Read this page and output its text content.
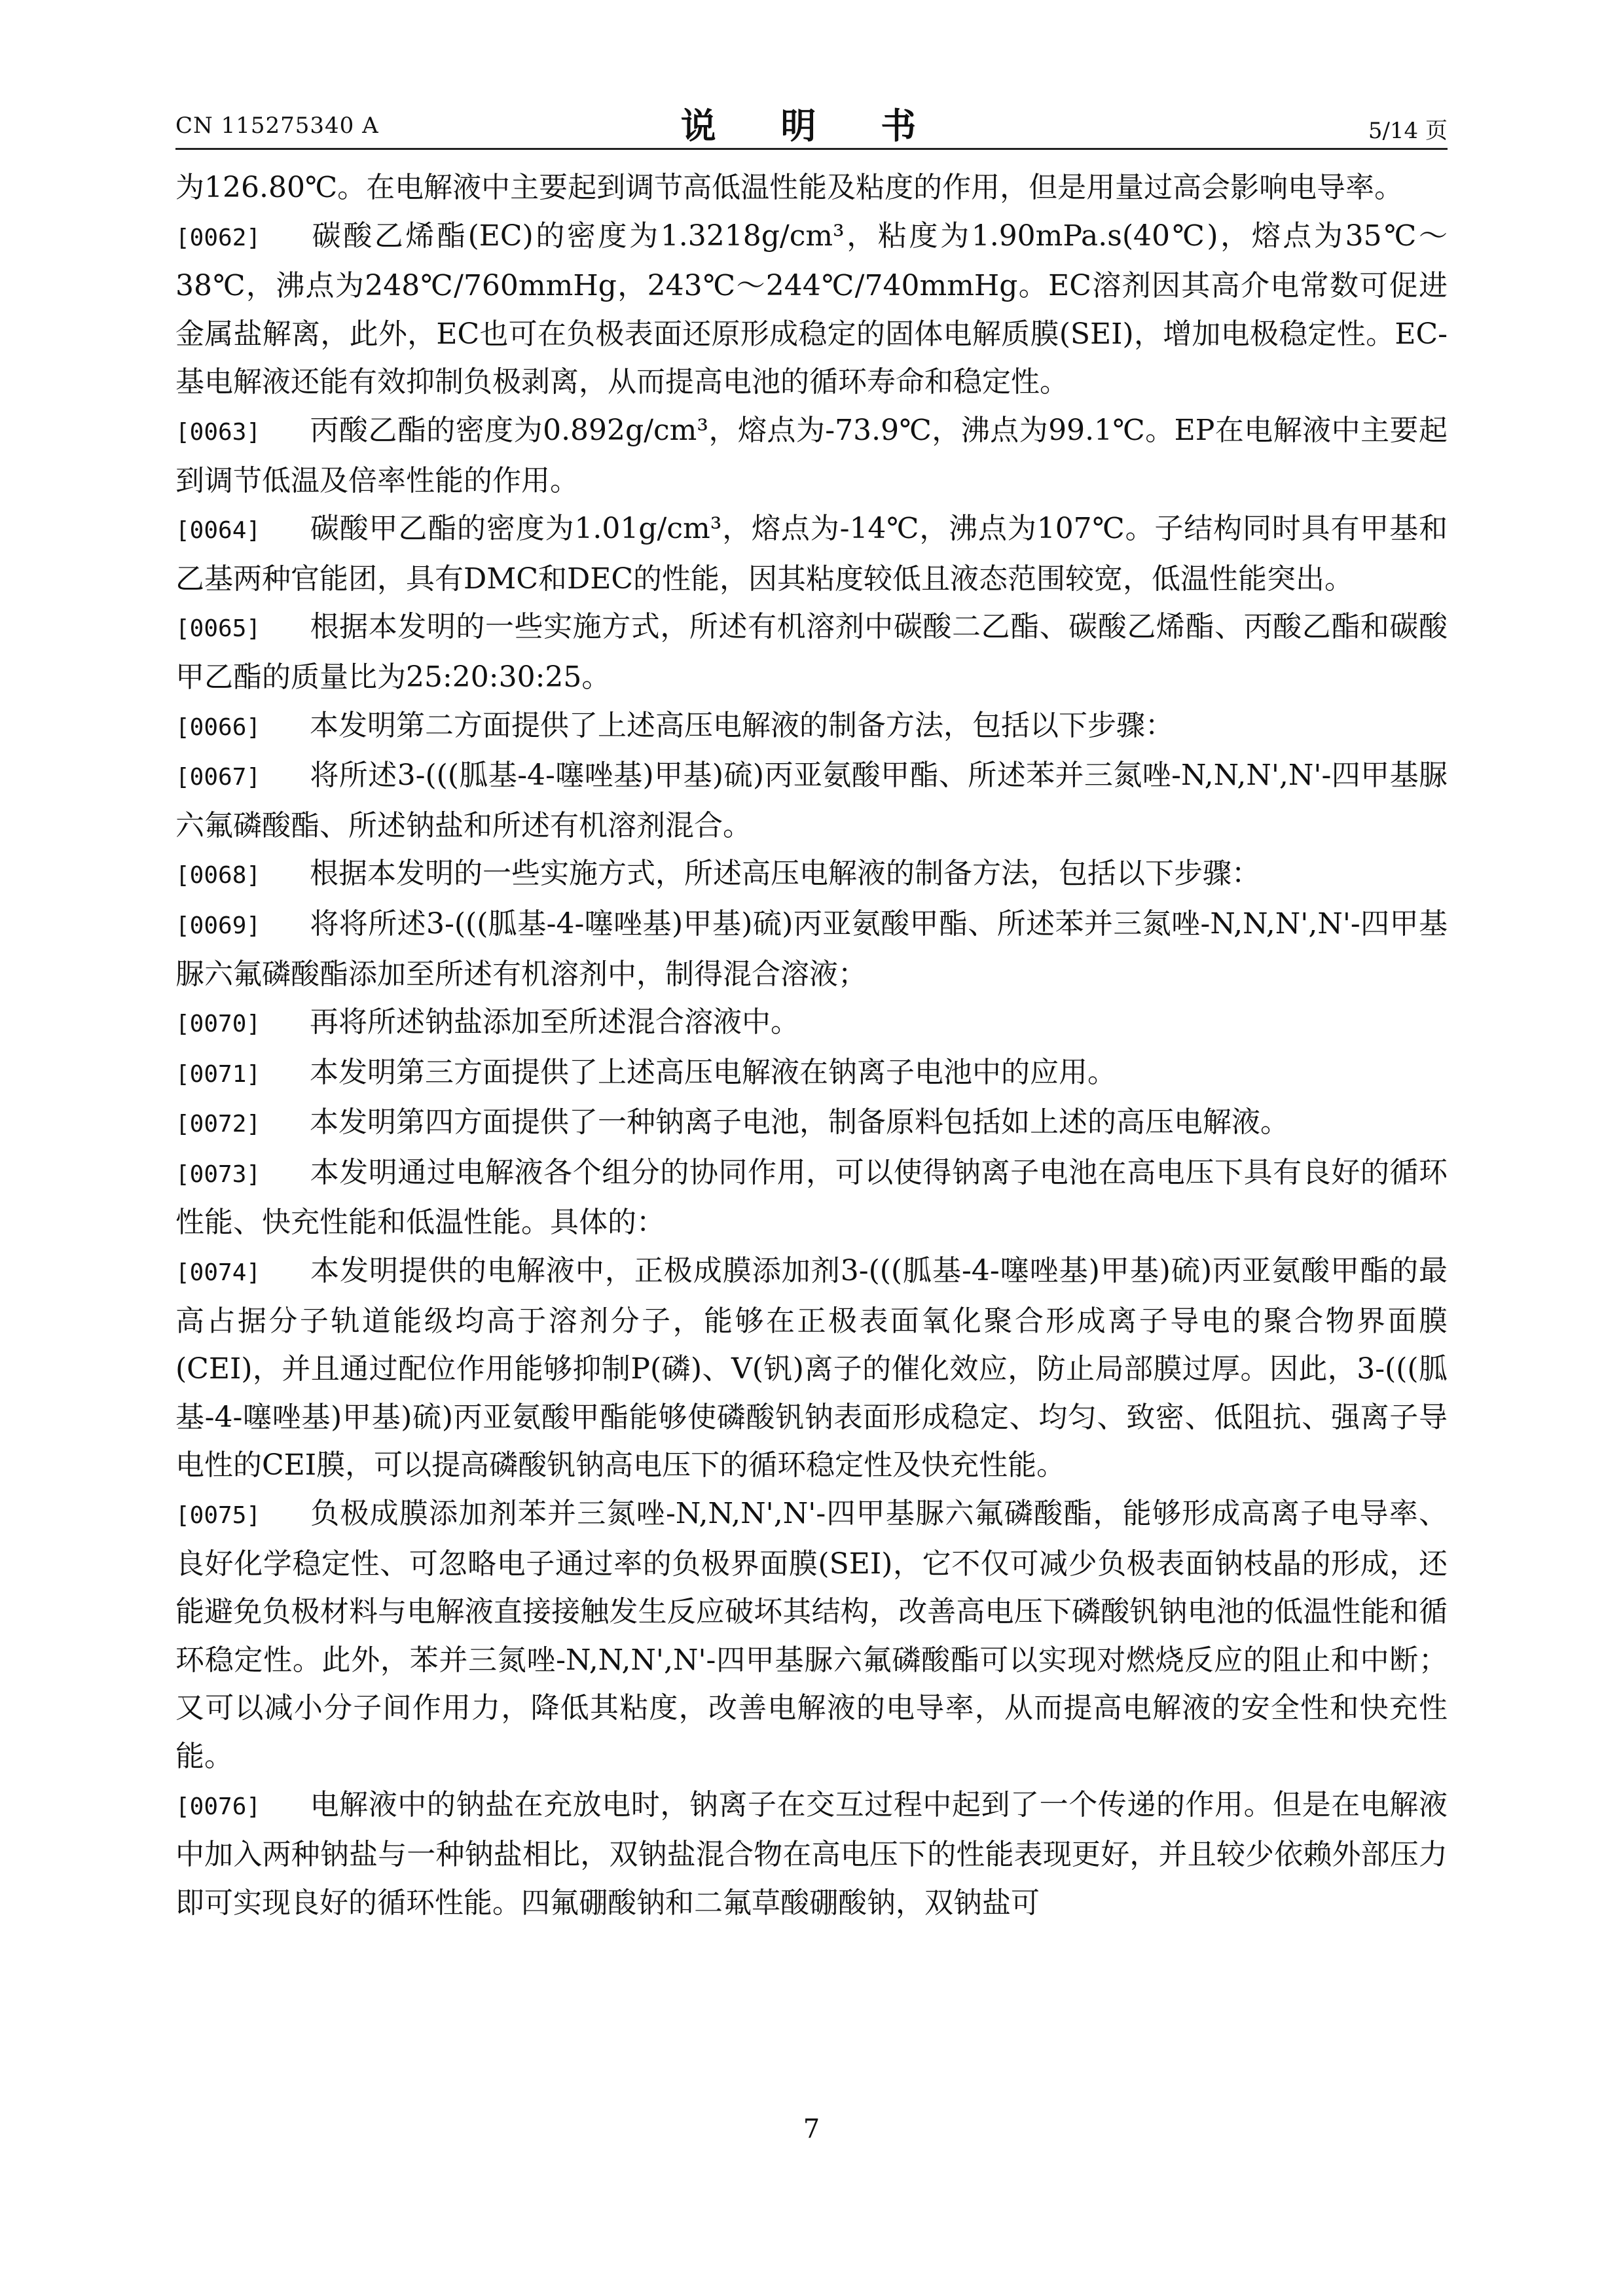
CN 115275340 A	说 明 书	5/14 页

为126.80℃。在电解液中主要起到调节高低温性能及粘度的作用，但是用量过高会影响电导率。

[0062] 碳酸乙烯酯(EC)的密度为1.3218g/cm³，粘度为1.90mPa.s(40℃)，熔点为35℃～38℃，沸点为248℃/760mmHg，243℃～244℃/740mmHg。EC溶剂因其高介电常数可促进金属盐解离，此外，EC也可在负极表面还原形成稳定的固体电解质膜(SEI)，增加电极稳定性。EC-基电解液还能有效抑制负极剥离，从而提高电池的循环寿命和稳定性。

[0063] 丙酸乙酯的密度为0.892g/cm³，熔点为-73.9℃，沸点为99.1℃。EP在电解液中主要起到调节低温及倍率性能的作用。

[0064] 碳酸甲乙酯的密度为1.01g/cm³，熔点为-14℃，沸点为107℃。子结构同时具有甲基和乙基两种官能团，具有DMC和DEC的性能，因其粘度较低且液态范围较宽，低温性能突出。

[0065] 根据本发明的一些实施方式，所述有机溶剂中碳酸二乙酯、碳酸乙烯酯、丙酸乙酯和碳酸甲乙酯的质量比为25:20:30:25。

[0066] 本发明第二方面提供了上述高压电解液的制备方法，包括以下步骤：

[0067] 将所述3-(((胍基-4-噻唑基)甲基)硫)丙亚氨酸甲酯、所述苯并三氮唑-N,N,N',N'-四甲基脲六氟磷酸酯、所述钠盐和所述有机溶剂混合。

[0068] 根据本发明的一些实施方式，所述高压电解液的制备方法，包括以下步骤：

[0069] 将将所述3-(((胍基-4-噻唑基)甲基)硫)丙亚氨酸甲酯、所述苯并三氮唑-N,N,N',N'-四甲基脲六氟磷酸酯添加至所述有机溶剂中，制得混合溶液；

[0070] 再将所述钠盐添加至所述混合溶液中。

[0071] 本发明第三方面提供了上述高压电解液在钠离子电池中的应用。

[0072] 本发明第四方面提供了一种钠离子电池，制备原料包括如上述的高压电解液。

[0073] 本发明通过电解液各个组分的协同作用，可以使得钠离子电池在高电压下具有良好的循环性能、快充性能和低温性能。具体的：

[0074] 本发明提供的电解液中，正极成膜添加剂3-(((胍基-4-噻唑基)甲基)硫)丙亚氨酸甲酯的最高占据分子轨道能级均高于溶剂分子，能够在正极表面氧化聚合形成离子导电的聚合物界面膜(CEI)，并且通过配位作用能够抑制P(磷)、V(钒)离子的催化效应，防止局部膜过厚。因此，3-(((胍基-4-噻唑基)甲基)硫)丙亚氨酸甲酯能够使磷酸钒钠表面形成稳定、均匀、致密、低阻抗、强离子导电性的CEI膜，可以提高磷酸钒钠高电压下的循环稳定性及快充性能。

[0075] 负极成膜添加剂苯并三氮唑-N,N,N',N'-四甲基脲六氟磷酸酯，能够形成高离子电导率、良好化学稳定性、可忽略电子通过率的负极界面膜(SEI)，它不仅可减少负极表面钠枝晶的形成，还能避免负极材料与电解液直接接触发生反应破坏其结构，改善高电压下磷酸钒钠电池的低温性能和循环稳定性。此外，苯并三氮唑-N,N,N',N'-四甲基脲六氟磷酸酯可以实现对燃烧反应的阻止和中断；又可以减小分子间作用力，降低其粘度，改善电解液的电导率，从而提高电解液的安全性和快充性能。

[0076] 电解液中的钠盐在充放电时，钠离子在交互过程中起到了一个传递的作用。但是在电解液中加入两种钠盐与一种钠盐相比，双钠盐混合物在高电压下的性能表现更好，并且较少依赖外部压力即可实现良好的循环性能。四氟硼酸钠和二氟草酸硼酸钠，双钠盐可

7
